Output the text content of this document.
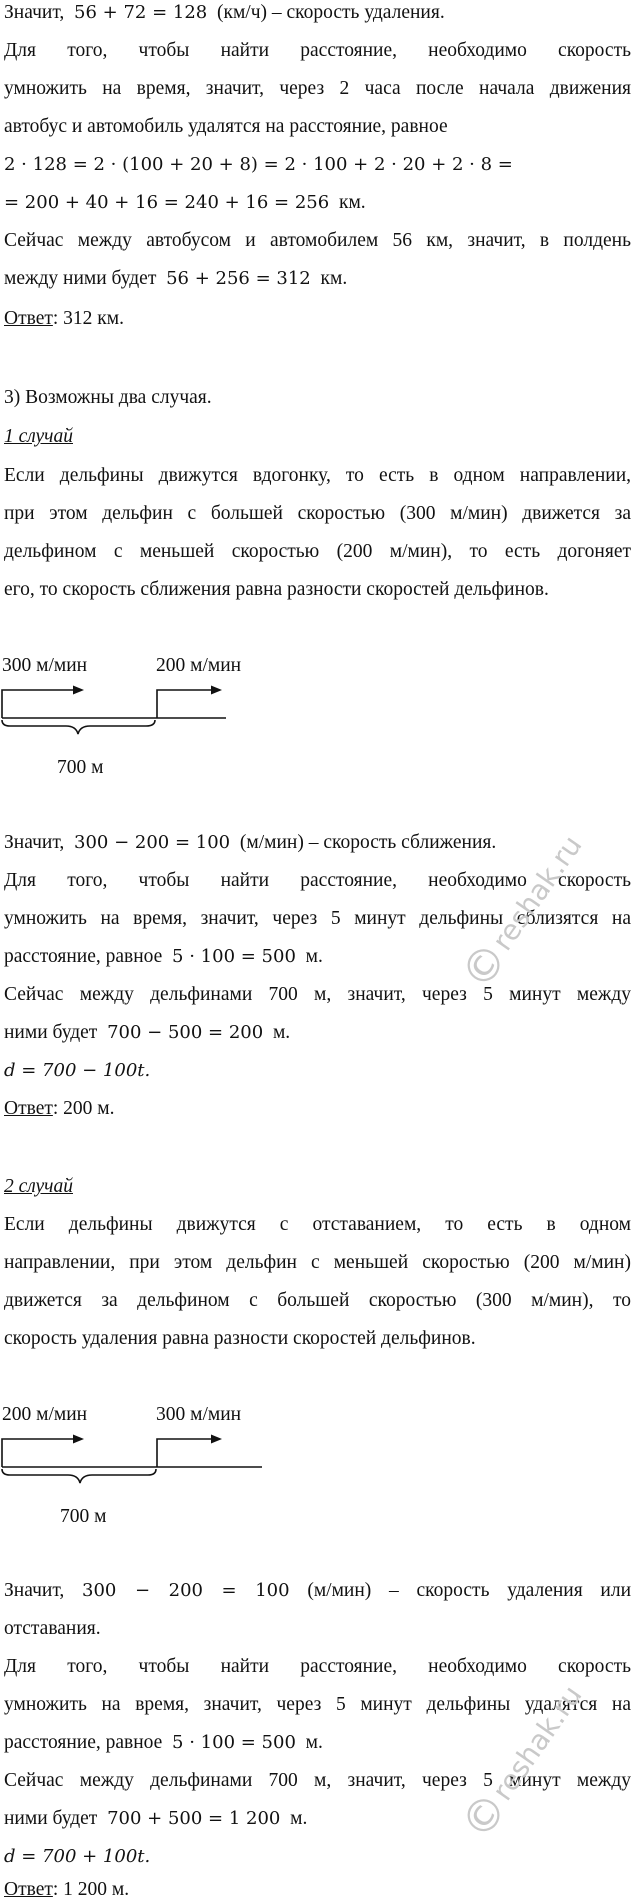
Значит, 56 + 72 = 128 (км/ч) – скорость удаления.
Для того, чтобы найти расстояние, необходимо скорость
умножить на время, значит, через 2 часа после начала движения
автобус и автомобиль удалятся на расстояние, равное
2 · 128 = 2 · (100 + 20 + 8) = 2 · 100 + 2 · 20 + 2 · 8 =
= 200 + 40 + 16 = 240 + 16 = 256 км.
Сейчас между автобусом и автомобилем 56 км, значит, в полдень
между ними будет 56 + 256 = 312 км.
Ответ: 312 км.
3) Возможны два случая.
1 случай
Если дельфины движутся вдогонку, то есть в одном направлении,
при этом дельфин с большей скоростью (300 м/мин) движется за
дельфином с меньшей скоростью (200 м/мин), то есть догоняет
его, то скорость сближения равна разности скоростей дельфинов.
300 м/мин	200 м/мин
700 м
Значит, 300 − 200 = 100 (м/мин) – скорость сближения.
Для того, чтобы найти расстояние, необходимо скорость
умножить на время, значит, через 5 минут дельфины сблизятся на
расстояние, равное 5 · 100 = 500 м.
Сейчас между дельфинами 700 м, значит, через 5 минут между
ними будет 700 − 500 = 200 м.
d = 700 − 100t.
Ответ: 200 м.
2 случай
Если дельфины движутся с отставанием, то есть в одном
направлении, при этом дельфин с меньшей скоростью (200 м/мин)
движется за дельфином с большей скоростью (300 м/мин), то
скорость удаления равна разности скоростей дельфинов.
200 м/мин	300 м/мин
700 м
Значит, 300 − 200 = 100 (м/мин) – скорость удаления или
отставания.
Для того, чтобы найти расстояние, необходимо скорость
умножить на время, значит, через 5 минут дельфины удалятся на
расстояние, равное 5 · 100 = 500 м.
Сейчас между дельфинами 700 м, значит, через 5 минут между
ними будет 700 + 500 = 1 200 м.
d = 700 + 100t.
Ответ: 1 200 м.
©
reshak.ru
©
reshak.ru
